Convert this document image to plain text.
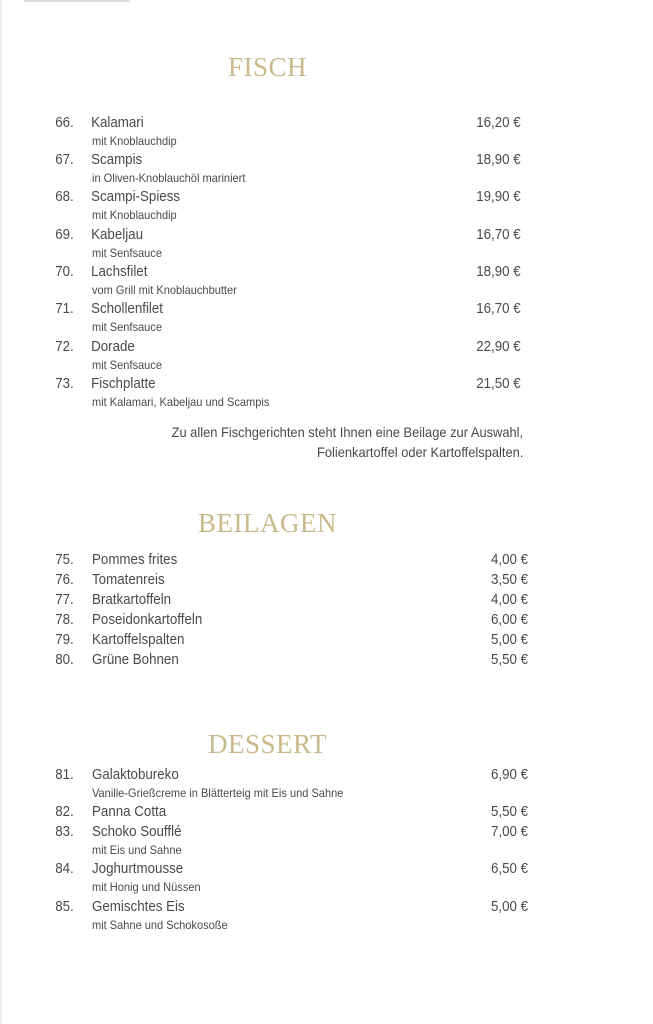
FISCH
66. Kalamari	16,20 €
mit Knoblauchdip
67. Scampis	18,90 €
in Oliven-Knoblauchöl mariniert
68. Scampi-Spiess	19,90 €
mit Knoblauchdip
69. Kabeljau	16,70 €
mit Senfsauce
70. Lachsfilet	18,90 €
vom Grill mit Knoblauchbutter
71. Schollenfilet	16,70 €
mit Senfsauce
72. Dorade	22,90 €
mit Senfsauce
73. Fischplatte	21,50 €
mit Kalamari, Kabeljau und Scampis
Zu allen Fischgerichten steht Ihnen eine Beilage zur Auswahl,
Folienkartoffel oder Kartoffelspalten.
BEILAGEN
75. Pommes frites	4,00 €
76. Tomatenreis	3,50 €
77. Bratkartoffeln	4,00 €
78. Poseidonkartoffeln	6,00 €
79. Kartoffelspalten	5,00 €
80. Grüne Bohnen	5,50 €
DESSERT
81. Galaktobureko	6,90 €
Vanille-Grießcreme in Blätterteig mit Eis und Sahne
82. Panna Cotta	5,50 €
83. Schoko Soufflé	7,00 €
mit Eis und Sahne
84. Joghurtmousse	6,50 €
mit Honig und Nüssen
85. Gemischtes Eis	5,00 €
mit Sahne und Schokosoße
